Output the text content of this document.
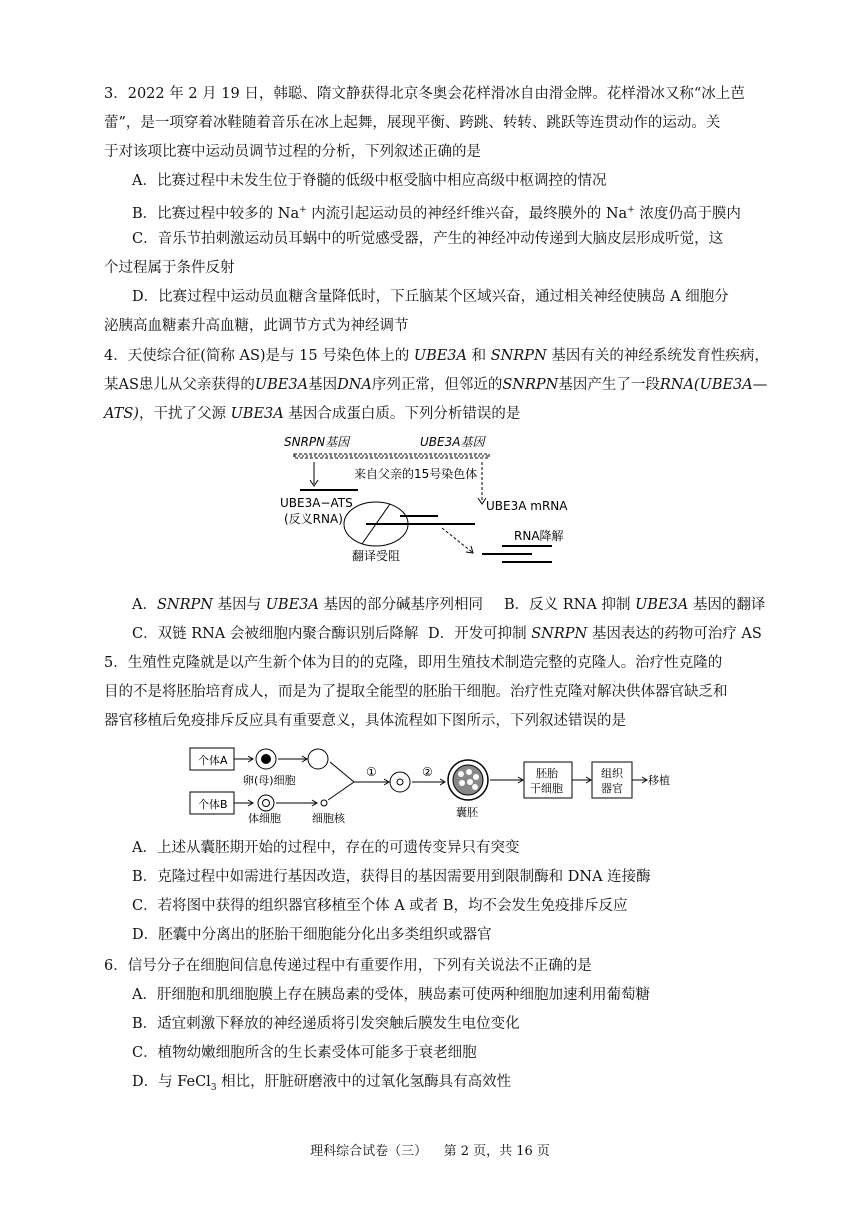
3．2022 年 2 月 19 日，韩聪、隋文静获得北京冬奥会花样滑冰自由滑金牌。花样滑冰又称“冰上芭
蕾”，是一项穿着冰鞋随着音乐在冰上起舞，展现平衡、跨跳、转转、跳跃等连贯动作的运动。关
于对该项比赛中运动员调节过程的分析，下列叙述正确的是
A．比赛过程中未发生位于脊髓的低级中枢受脑中相应高级中枢调控的情况
B．比赛过程中较多的 Na+ 内流引起运动员的神经纤维兴奋，最终膜外的 Na+ 浓度仍高于膜内
C．音乐节拍刺激运动员耳蜗中的听觉感受器，产生的神经冲动传递到大脑皮层形成听觉，这
个过程属于条件反射
D．比赛过程中运动员血糖含量降低时，下丘脑某个区域兴奋，通过相关神经使胰岛 A 细胞分
泌胰高血糖素升高血糖，此调节方式为神经调节
4．天使综合征(简称 AS)是与 15 号染色体上的 UBE3A 和 SNRPN 基因有关的神经系统发育性疾病，
某AS患儿从父亲获得的UBE3A基因DNA序列正常，但邻近的SNRPN基因产生了一段RNA(UBE3A—
ATS)，干扰了父源 UBE3A 基因合成蛋白质。下列分析错误的是
SNRPN基因	UBE3A基因
来自父亲的15号染色体
UBE3A−ATS
(反义RNA)
UBE3A mRNA
RNA降解
翻译受阻
A．SNRPN 基因与 UBE3A 基因的部分碱基序列相同 B．反义 RNA 抑制 UBE3A 基因的翻译
C．双链 RNA 会被细胞内聚合酶识别后降解 D．开发可抑制 SNRPN 基因表达的药物可治疗 AS
5．生殖性克隆就是以产生新个体为目的的克隆，即用生殖技术制造完整的克隆人。治疗性克隆的
目的不是将胚胎培育成人，而是为了提取全能型的胚胎干细胞。治疗性克隆对解决供体器官缺乏和
器官移植后免疫排斥反应具有重要意义，具体流程如下图所示，下列叙述错误的是
个体A
个体B
卵(母)细胞
体细胞	细胞核
①	②
囊胚
胚胎
干细胞
组织
器官
移植
A．上述从囊胚期开始的过程中，存在的可遗传变异只有突变
B．克隆过程中如需进行基因改造，获得目的基因需要用到限制酶和 DNA 连接酶
C．若将图中获得的组织器官移植至个体 A 或者 B，均不会发生免疫排斥反应
D．胚囊中分离出的胚胎干细胞能分化出多类组织或器官
6．信号分子在细胞间信息传递过程中有重要作用，下列有关说法不正确的是
A．肝细胞和肌细胞膜上存在胰岛素的受体，胰岛素可使两种细胞加速利用葡萄糖
B．适宜刺激下释放的神经递质将引发突触后膜发生电位变化
C．植物幼嫩细胞所含的生长素受体可能多于衰老细胞
D．与 FeCl$_3$ 相比，肝脏研磨液中的过氧化氢酶具有高效性
理科综合试卷（三）    第 2 页，共 16 页
